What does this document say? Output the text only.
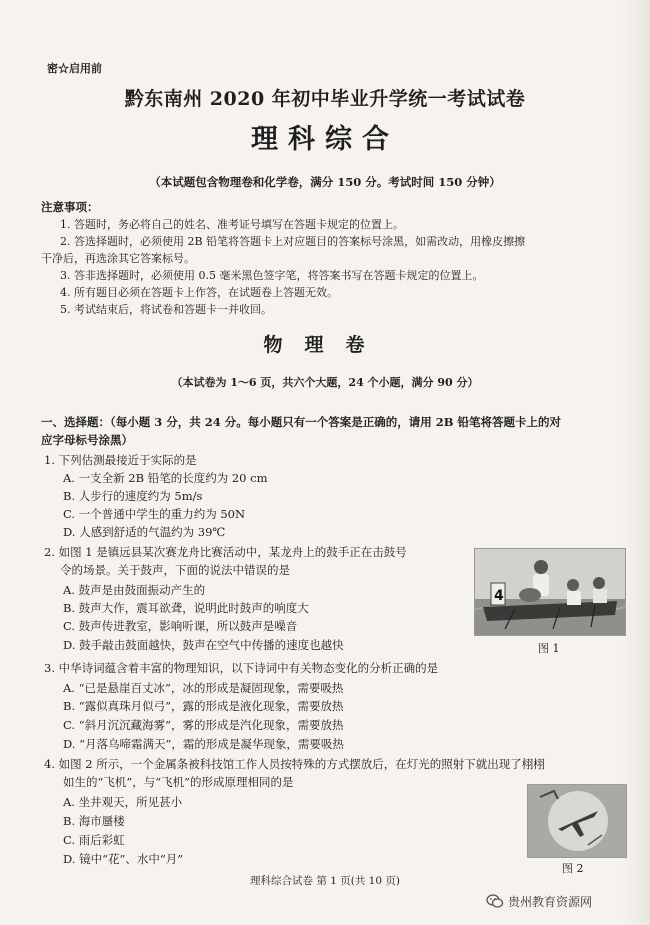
密☆启用前
黔东南州 2020 年初中毕业升学统一考试试卷
理科综合
（本试题包含物理卷和化学卷，满分 150 分。考试时间 150 分钟）
注意事项：
1. 答题时，务必将自己的姓名、准考证号填写在答题卡规定的位置上。
2. 答选择题时，必须使用 2B 铅笔将答题卡上对应题目的答案标号涂黑，如需改动，用橡皮擦擦
干净后，再选涂其它答案标号。
3. 答非选择题时，必须使用 0.5 毫米黑色签字笔，将答案书写在答题卡规定的位置上。
4. 所有题目必须在答题卡上作答，在试题卷上答题无效。
5. 考试结束后，将试卷和答题卡一并收回。
物理卷
（本试卷为 1～6 页，共六个大题，24 个小题，满分 90 分）
一、选择题：（每小题 3 分，共 24 分。每小题只有一个答案是正确的，请用 2B 铅笔将答题卡上的对
应字母标号涂黑）
1. 下列估测最接近于实际的是
A. 一支全新 2B 铅笔的长度约为 20 cm
B. 人步行的速度约为 5m/s
C. 一个普通中学生的重力约为 50N
D. 人感到舒适的气温约为 39℃
2. 如图 1 是镇远县某次赛龙舟比赛活动中，某龙舟上的鼓手正在击鼓号
令的场景。关于鼓声，下面的说法中错误的是
A. 鼓声是由鼓面振动产生的
B. 鼓声大作，震耳欲聋，说明此时鼓声的响度大
C. 鼓声传进教室，影响听课，所以鼓声是噪音
D. 鼓手敲击鼓面越快，鼓声在空气中传播的速度也越快
4
图 1
3. 中华诗词蕴含着丰富的物理知识，以下诗词中有关物态变化的分析正确的是
A. “已是悬崖百丈冰”，冰的形成是凝固现象，需要吸热
B. “露似真珠月似弓”，露的形成是液化现象，需要放热
C. “斜月沉沉藏海雾”，雾的形成是汽化现象，需要放热
D. “月落乌啼霜满天”，霜的形成是凝华现象，需要吸热
4. 如图 2 所示，一个金属条被科技馆工作人员按特殊的方式摆放后，在灯光的照射下就出现了栩栩
如生的“飞机”，与“飞机”的形成原理相同的是
A. 坐井观天，所见甚小
B. 海市蜃楼
C. 雨后彩虹
D. 镜中“花”、水中“月”
图 2
理科综合试卷 第 1 页(共 10 页)
贵州教育资源网
